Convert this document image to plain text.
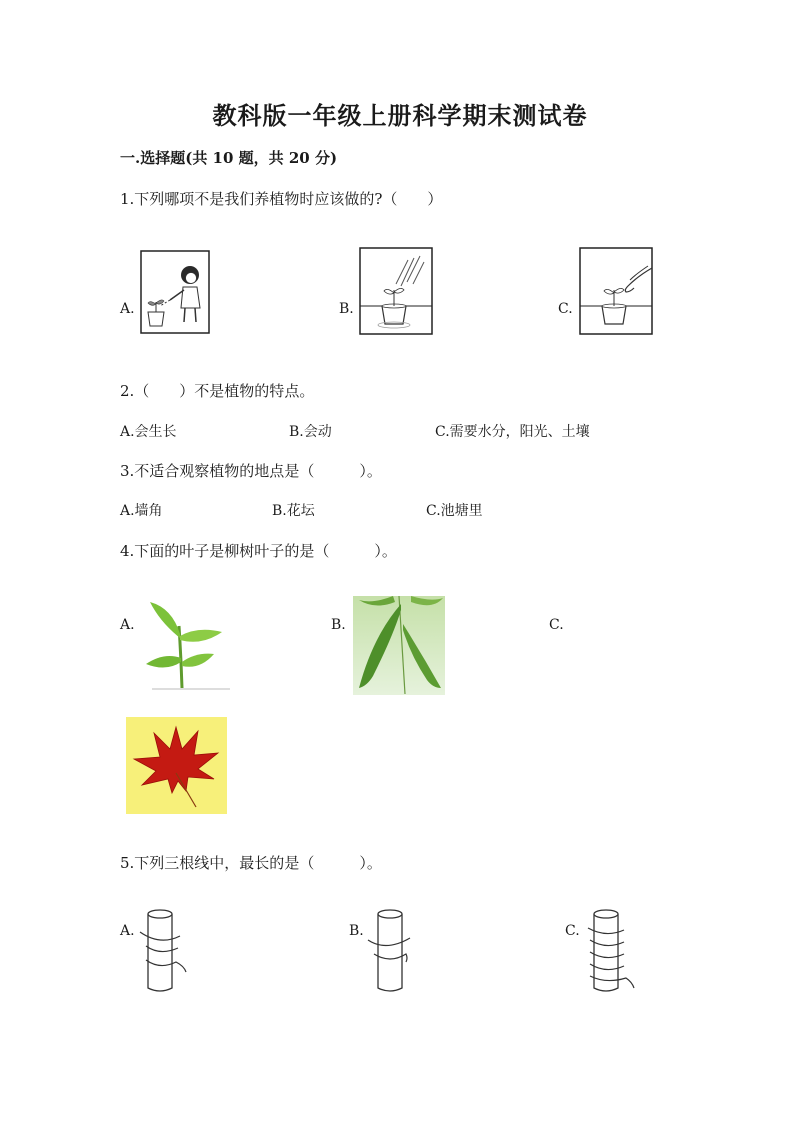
教科版一年级上册科学期末测试卷
一.选择题(共 10 题，共 20 分)
1.下列哪项不是我们养植物时应该做的?（　　）
A.	B.	C.
2.（　　）不是植物的特点。
A.会生长	B.会动	C.需要水分，阳光、土壤
3.不适合观察植物的地点是（　　　）。
A.墙角	B.花坛	C.池塘里
4.下面的叶子是柳树叶子的是（　　　）。
A.	B.	C.
5.下列三根线中，最长的是（　　　）。
A.	B.	C.
